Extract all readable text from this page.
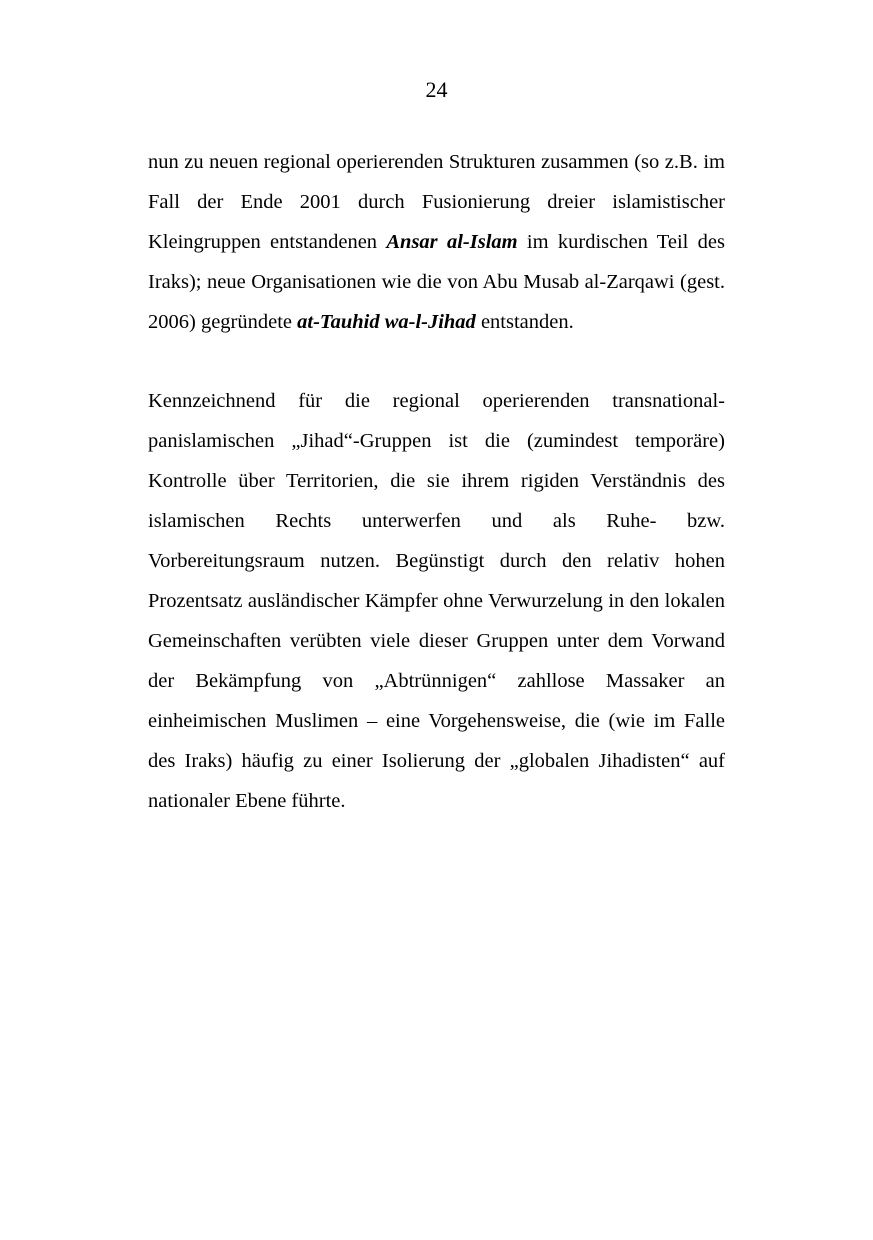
24

nun zu neuen regional operierenden Strukturen zusammen (so z.B. im Fall der Ende 2001 durch Fusionierung dreier islamistischer Kleingruppen entstandenen Ansar al-Islam im kurdischen Teil des Iraks); neue Organisationen wie die von Abu Musab al-Zarqawi (gest. 2006) gegründete at-Tauhid wa-l-Jihad entstanden.

Kennzeichnend für die regional operierenden transnational-panislamischen „Jihad“-Gruppen ist die (zumindest temporäre) Kontrolle über Territorien, die sie ihrem rigiden Verständnis des islamischen Rechts unterwerfen und als Ruhe- bzw. Vorbereitungsraum nutzen. Begünstigt durch den relativ hohen Prozentsatz ausländischer Kämpfer ohne Verwurzelung in den lokalen Gemeinschaften verübten viele dieser Gruppen unter dem Vorwand der Bekämpfung von „Abtrünnigen“ zahllose Massaker an einheimischen Muslimen – eine Vorgehensweise, die (wie im Falle des Iraks) häufig zu einer Isolierung der „globalen Jihadisten“ auf nationaler Ebene führte.
